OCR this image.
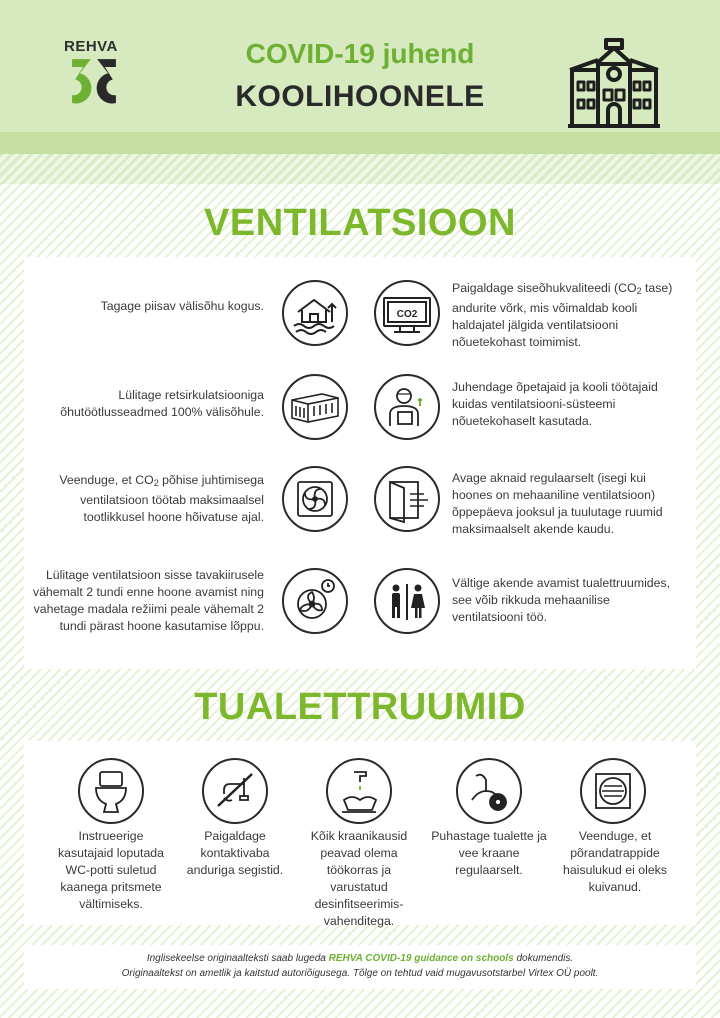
REHVA	COVID-19 juhend
KOOLIHOONELE
VENTILATSIOON
Tagage piisav välisõhu kogus.
Lülitage retsirkulatsiooniga õhutöötlusseadmed 100% välisõhule.
Veenduge, et $CO_2$ põhise juhtimisega ventilatsioon töötab maksimaalsel tootlikkusel hoone hõivatuse ajal.
Lülitage ventilatsioon sisse tavakiirusele vähemalt 2 tundi enne hoone avamist ning vahetage madala režiimi peale vähemalt 2 tundi pärast hoone kasutamise lõppu.
Paigaldage siseõhukvaliteedi ($CO_2$ tase) andurite võrk, mis võimaldab kooli haldajatel jälgida ventilatsiooni nõuetekohast toimimist.
Juhendage õpetajaid ja kooli töötajaid kuidas ventilatsiooni-süsteemi nõuetekohaselt kasutada.
Avage aknaid regulaarselt (isegi kui hoones on mehaaniline ventilatsioon) õppepäeva jooksul ja tuulutage ruumid maksimaalselt akende kaudu.
Vältige akende avamist tualettruumides, see võib rikkuda mehaanilise ventilatsiooni töö.
CO2
TUALETTRUUMID
Instrueerige kasutajaid loputada WC-potti suletud kaanega pritsmete vältimiseks.
Paigaldage kontaktivaba anduriga segistid.
Kõik kraanikausid peavad olema töökorras ja varustatud desinfitseerimis-vahenditega.
Puhastage tualette ja vee kraane regulaarselt.
Veenduge, et põrandatrappide haisulukud ei oleks kuivanud.
Inglisekeelse originaalteksti saab lugeda REHVA COVID-19 guidance on schools dokumendis.
Originaaltekst on ametlik ja kaitstud autoriõigusega. Tõlge on tehtud vaid mugavusotstarbel Virtex OÜ poolt.
